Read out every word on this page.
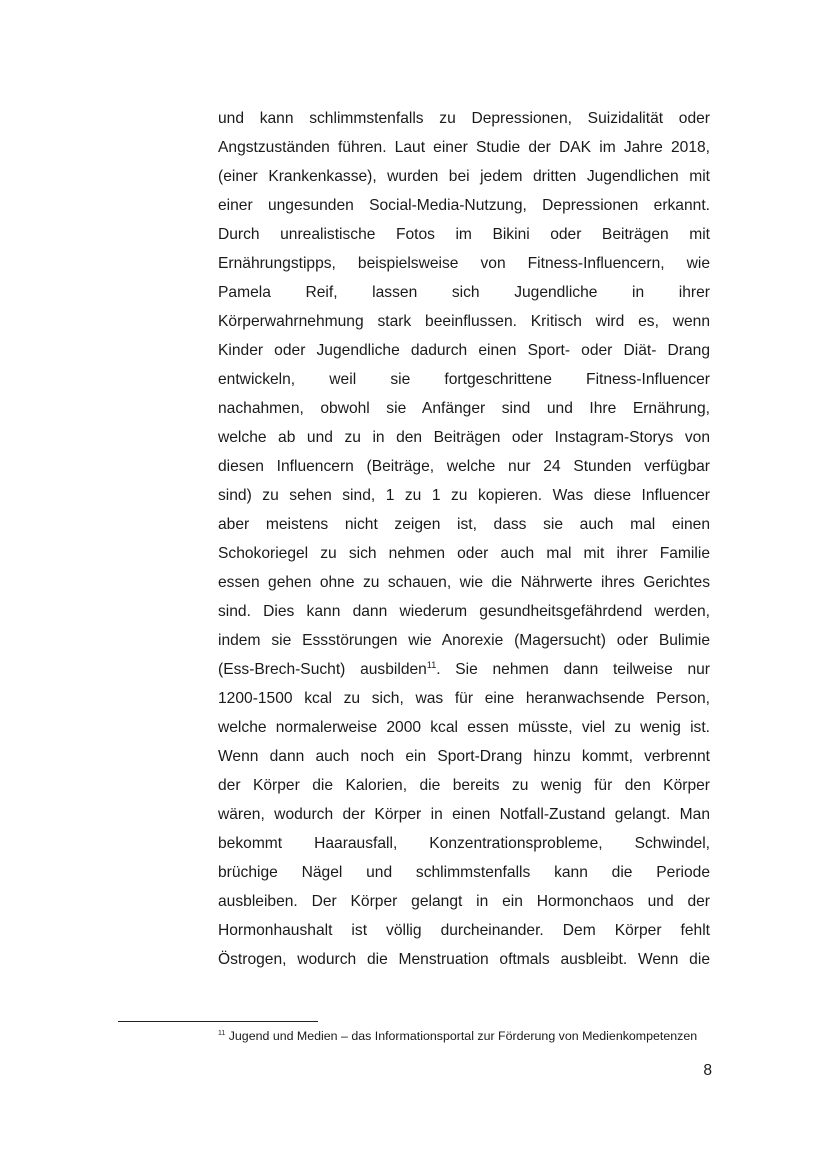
und kann schlimmstenfalls zu Depressionen, Suizidalität oder
Angstzuständen führen. Laut einer Studie der DAK im Jahre 2018,
(einer Krankenkasse), wurden bei jedem dritten Jugendlichen mit
einer ungesunden Social-Media-Nutzung, Depressionen erkannt.
Durch unrealistische Fotos im Bikini oder Beiträgen mit
Ernährungstipps, beispielsweise von Fitness-Influencern, wie
Pamela Reif, lassen sich Jugendliche in ihrer
Körperwahrnehmung stark beeinflussen. Kritisch wird es, wenn
Kinder oder Jugendliche dadurch einen Sport- oder Diät- Drang
entwickeln, weil sie fortgeschrittene Fitness-Influencer
nachahmen, obwohl sie Anfänger sind und Ihre Ernährung,
welche ab und zu in den Beiträgen oder Instagram-Storys von
diesen Influencern (Beiträge, welche nur 24 Stunden verfügbar
sind) zu sehen sind, 1 zu 1 zu kopieren. Was diese Influencer
aber meistens nicht zeigen ist, dass sie auch mal einen
Schokoriegel zu sich nehmen oder auch mal mit ihrer Familie
essen gehen ohne zu schauen, wie die Nährwerte ihres Gerichtes
sind. Dies kann dann wiederum gesundheitsgefährdend werden,
indem sie Essstörungen wie Anorexie (Magersucht) oder Bulimie
(Ess-Brech-Sucht) ausbilden$^{11}$. Sie nehmen dann teilweise nur
1200-1500 kcal zu sich, was für eine heranwachsende Person,
welche normalerweise 2000 kcal essen müsste, viel zu wenig ist.
Wenn dann auch noch ein Sport-Drang hinzu kommt, verbrennt
der Körper die Kalorien, die bereits zu wenig für den Körper
wären, wodurch der Körper in einen Notfall-Zustand gelangt. Man
bekommt Haarausfall, Konzentrationsprobleme, Schwindel,
brüchige Nägel und schlimmstenfalls kann die Periode
ausbleiben. Der Körper gelangt in ein Hormonchaos und der
Hormonhaushalt ist völlig durcheinander. Dem Körper fehlt
Östrogen, wodurch die Menstruation oftmals ausbleibt. Wenn die
$^{11}$ Jugend und Medien – das Informationsportal zur Förderung von Medienkompetenzen
8
